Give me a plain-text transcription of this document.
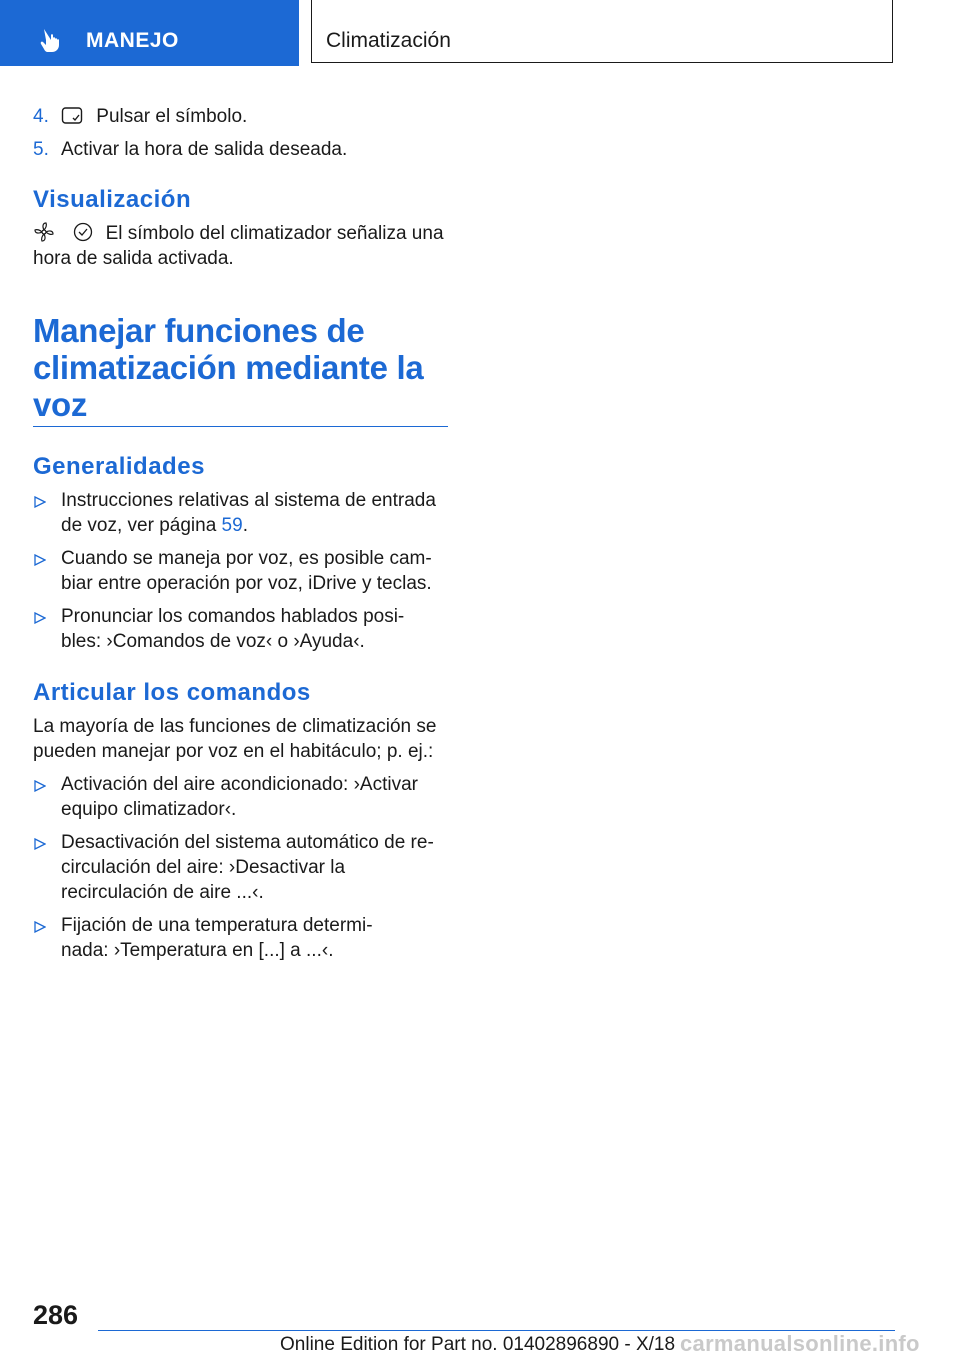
MANEJO	Climatización
4. Pulsar el símbolo.
5. Activar la hora de salida deseada.
Visualización
El símbolo del climatizador señaliza una
hora de salida activada.
Manejar funciones de
climatización mediante la
voz
Generalidades
Instrucciones relativas al sistema de entrada
de voz, ver página 59.
Cuando se maneja por voz, es posible cam-
biar entre operación por voz, iDrive y teclas.
Pronunciar los comandos hablados posi-
bles: ›Comandos de voz‹ o ›Ayuda‹.
Articular los comandos
La mayoría de las funciones de climatización se
pueden manejar por voz en el habitáculo; p. ej.:
Activación del aire acondicionado: ›Activar
equipo climatizador‹.
Desactivación del sistema automático de re-
circulación del aire: ›Desactivar la
recirculación de aire ...‹.
Fijación de una temperatura determi-
nada: ›Temperatura en [...] a ...‹.
286
Online Edition for Part no. 01402896890 - X/18 carmanualsonline.info
